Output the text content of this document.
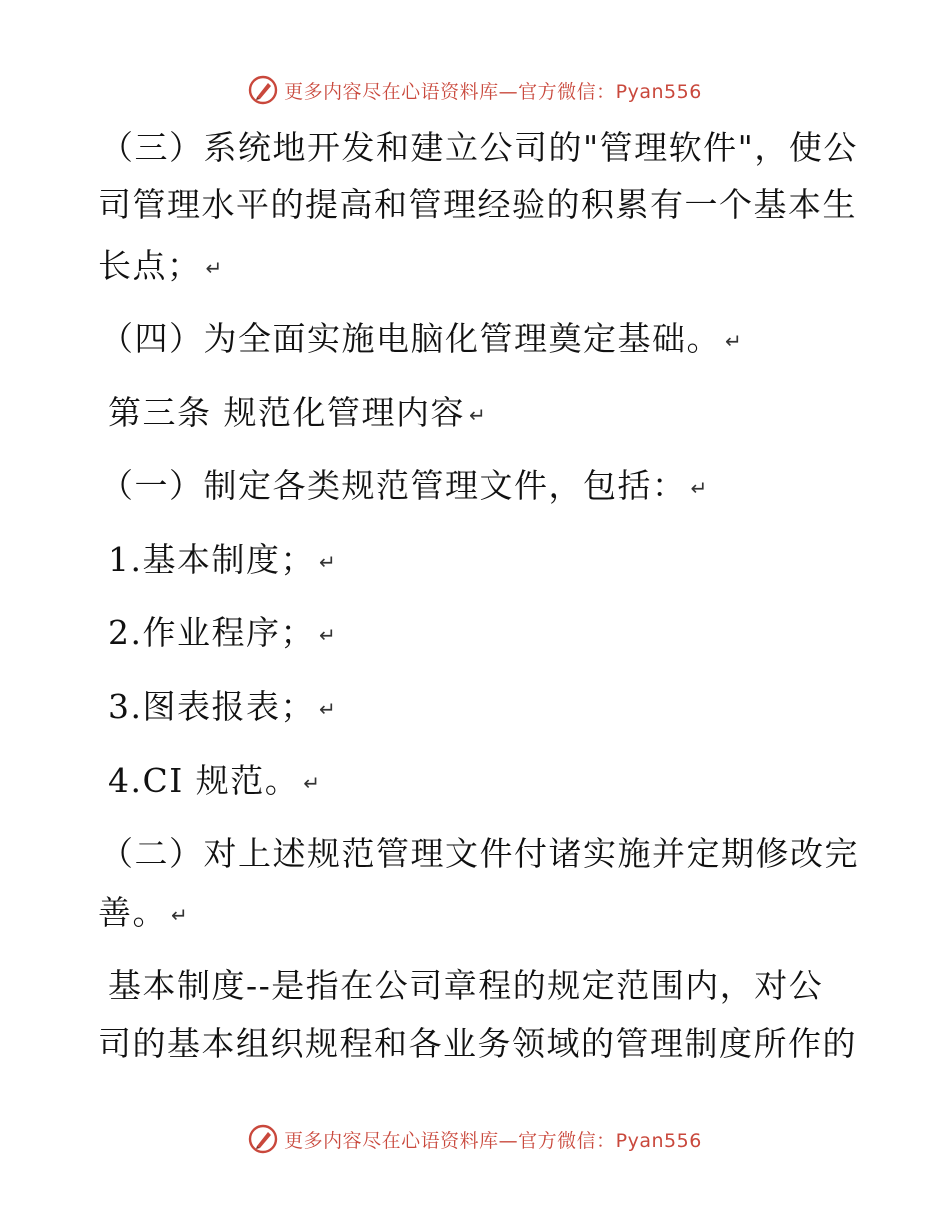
更多内容尽在心语资料库—官方微信：Pyan556
（三）系统地开发和建立公司的"管理软件"，使公
司管理水平的提高和管理经验的积累有一个基本生
长点； ↵
（四）为全面实施电脑化管理奠定基础。 ↵
第三条 规范化管理内容 ↵
（一）制定各类规范管理文件，包括： ↵
1.基本制度； ↵
2.作业程序； ↵
3.图表报表； ↵
4.CI 规范。 ↵
（二）对上述规范管理文件付诸实施并定期修改完
善。 ↵
基本制度--是指在公司章程的规定范围内，对公
司的基本组织规程和各业务领域的管理制度所作的
更多内容尽在心语资料库—官方微信：Pyan556
